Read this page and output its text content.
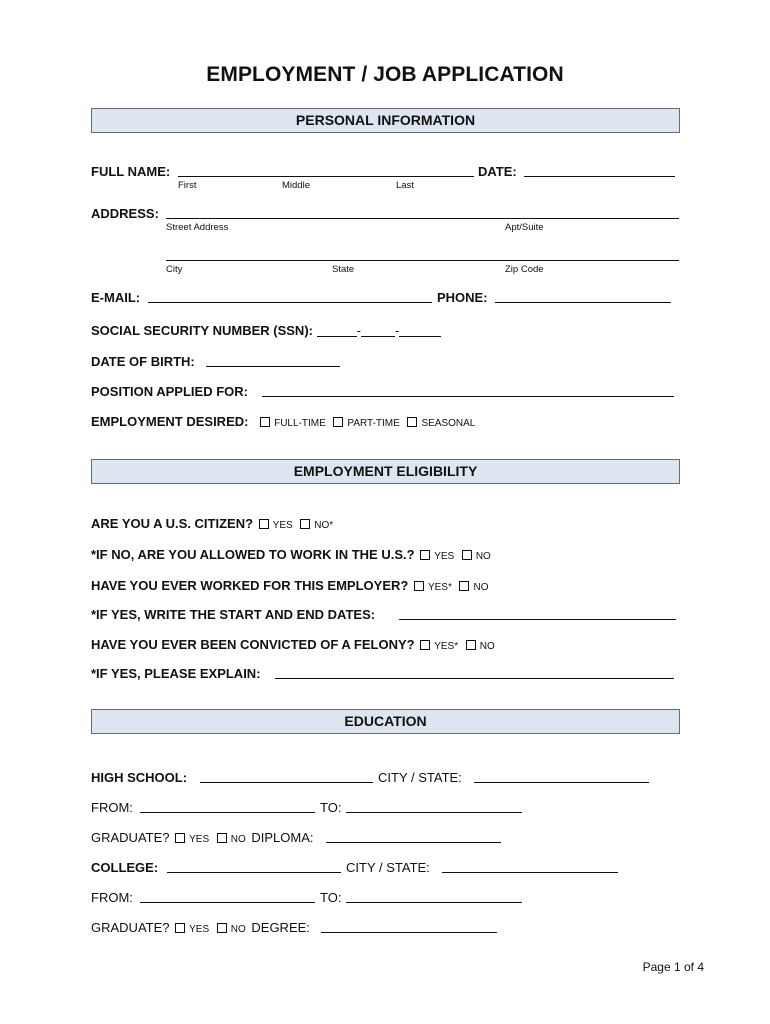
EMPLOYMENT / JOB APPLICATION
PERSONAL INFORMATION
FULL NAME:	DATE:
First	Middle	Last
ADDRESS:
Street Address	Apt/Suite
City	State	Zip Code
E-MAIL:	PHONE:
SOCIAL SECURITY NUMBER (SSN):	-	-
DATE OF BIRTH:
POSITION APPLIED FOR:
EMPLOYMENT DESIRED:	FULL-TIME PART-TIME SEASONAL
EMPLOYMENT ELIGIBILITY
ARE YOU A U.S. CITIZEN? YES NO*
*IF NO, ARE YOU ALLOWED TO WORK IN THE U.S.? YES NO
HAVE YOU EVER WORKED FOR THIS EMPLOYER? YES* NO
*IF YES, WRITE THE START AND END DATES:
HAVE YOU EVER BEEN CONVICTED OF A FELONY? YES* NO
*IF YES, PLEASE EXPLAIN:
EDUCATION
HIGH SCHOOL:	CITY / STATE:
FROM:	TO:
GRADUATE? YES NO DIPLOMA:
COLLEGE:	CITY / STATE:
FROM:	TO:
GRADUATE? YES NO DEGREE:
Page 1 of 4
